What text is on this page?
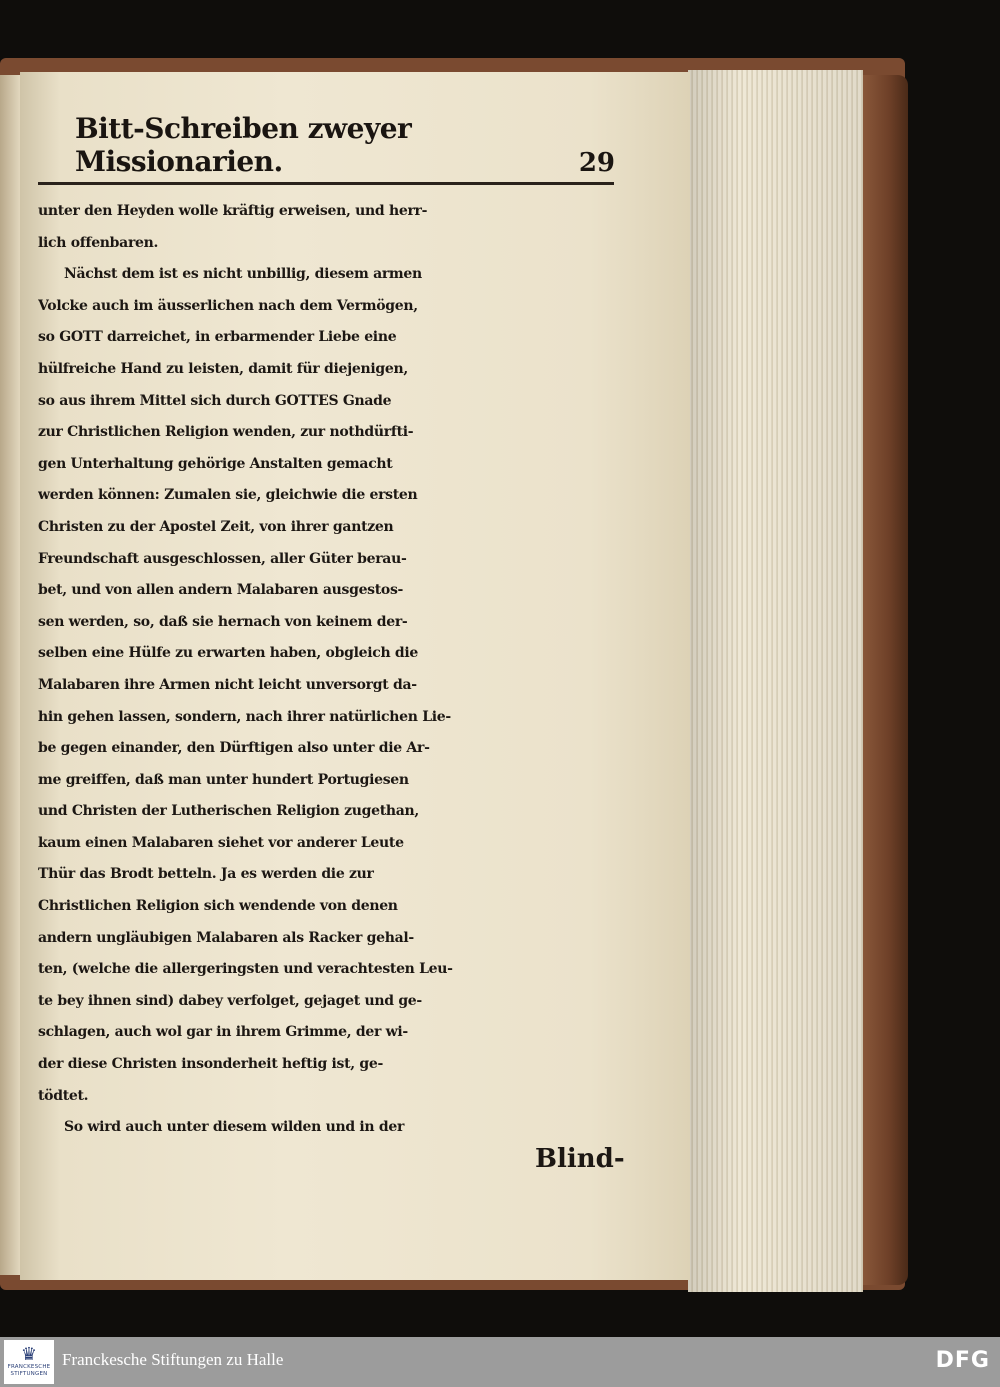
Bitt-Schreiben zweyer Missionarien.	29
unter den Heyden wolle kräftig erweisen, und herr-
lich offenbaren.
Nächst dem ist es nicht unbillig, diesem armen
Volcke auch im äusserlichen nach dem Vermögen,
so GOTT darreichet, in erbarmender Liebe eine
hülfreiche Hand zu leisten, damit für diejenigen,
so aus ihrem Mittel sich durch GOTTES Gnade
zur Christlichen Religion wenden, zur nothdürfti-
gen Unterhaltung gehörige Anstalten gemacht
werden können: Zumalen sie, gleichwie die ersten
Christen zu der Apostel Zeit, von ihrer gantzen
Freundschaft ausgeschlossen, aller Güter berau-
bet, und von allen andern Malabaren ausgestos-
sen werden, so, daß sie hernach von keinem der-
selben eine Hülfe zu erwarten haben, obgleich die
Malabaren ihre Armen nicht leicht unversorgt da-
hin gehen lassen, sondern, nach ihrer natürlichen Lie-
be gegen einander, den Dürftigen also unter die Ar-
me greiffen, daß man unter hundert Portugiesen
und Christen der Lutherischen Religion zugethan,
kaum einen Malabaren siehet vor anderer Leute
Thür das Brodt betteln. Ja es werden die zur
Christlichen Religion sich wendende von denen
andern ungläubigen Malabaren als Racker gehal-
ten, (welche die allergeringsten und verachtesten Leu-
te bey ihnen sind) dabey verfolget, gejaget und ge-
schlagen, auch wol gar in ihrem Grimme, der wi-
der diese Christen insonderheit heftig ist, ge-
tödtet.
So wird auch unter diesem wilden und in der
Blind-
♛
FRANCKESCHE STIFTUNGEN
Franckesche Stiftungen zu Halle	DFG
